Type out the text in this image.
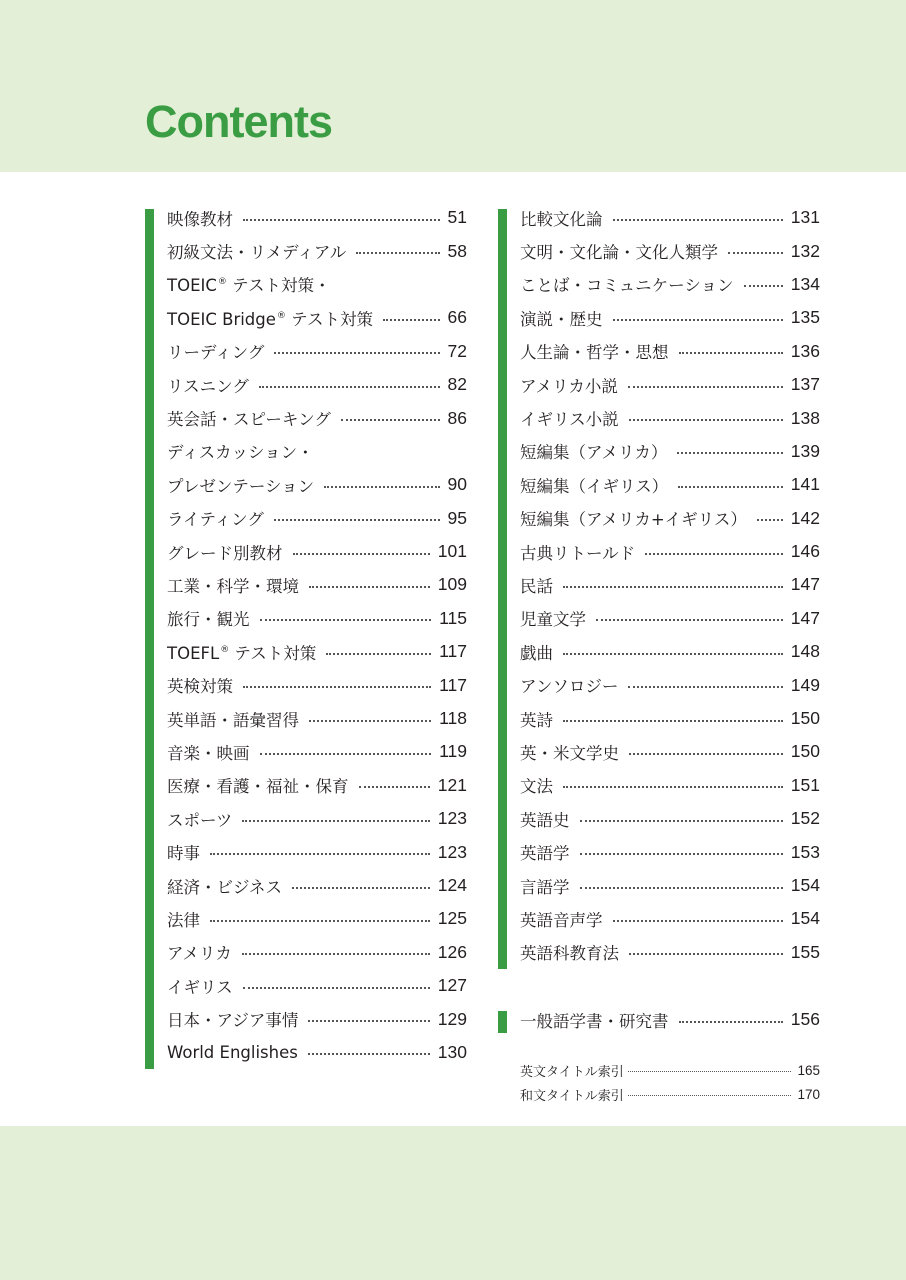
Contents
映像教材	51
初級文法・リメディアル	58
TOEIC® テスト対策・
TOEIC Bridge® テスト対策	66
リーディング	72
リスニング	82
英会話・スピーキング	86
ディスカッション・
プレゼンテーション	90
ライティング	95
グレード別教材	101
工業・科学・環境	109
旅行・観光	115
TOEFL® テスト対策	117
英検対策	117
英単語・語彙習得	118
音楽・映画	119
医療・看護・福祉・保育	121
スポーツ	123
時事	123
経済・ビジネス	124
法律	125
アメリカ	126
イギリス	127
日本・アジア事情	129
World Englishes	130
比較文化論	131
文明・文化論・文化人類学	132
ことば・コミュニケーション	134
演説・歴史	135
人生論・哲学・思想	136
アメリカ小説	137
イギリス小説	138
短編集（アメリカ）	139
短編集（イギリス）	141
短編集（アメリカ+イギリス）	142
古典リトールド	146
民話	147
児童文学	147
戯曲	148
アンソロジー	149
英詩	150
英・米文学史	150
文法	151
英語史	152
英語学	153
言語学	154
英語音声学	154
英語科教育法	155
一般語学書・研究書	156
英文タイトル索引	165
和文タイトル索引	170
